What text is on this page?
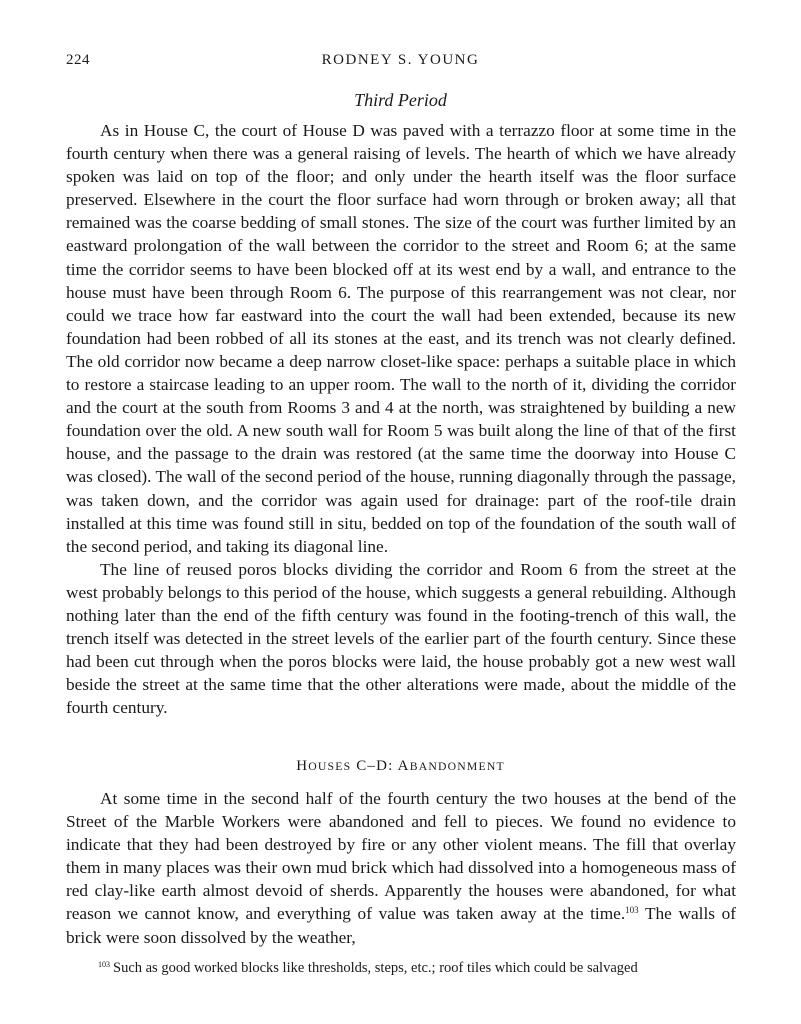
224	RODNEY S. YOUNG
Third Period

As in House C, the court of House D was paved with a terrazzo floor at some time in the fourth century when there was a general raising of levels. The hearth of which we have already spoken was laid on top of the floor; and only under the hearth itself was the floor surface preserved. Elsewhere in the court the floor surface had worn through or broken away; all that remained was the coarse bedding of small stones. The size of the court was further limited by an eastward prolongation of the wall between the corridor to the street and Room 6; at the same time the corridor seems to have been blocked off at its west end by a wall, and entrance to the house must have been through Room 6. The purpose of this rearrangement was not clear, nor could we trace how far eastward into the court the wall had been extended, because its new foundation had been robbed of all its stones at the east, and its trench was not clearly defined. The old corridor now became a deep narrow closet-like space: perhaps a suitable place in which to restore a staircase leading to an upper room. The wall to the north of it, dividing the corridor and the court at the south from Rooms 3 and 4 at the north, was straightened by building a new foundation over the old. A new south wall for Room 5 was built along the line of that of the first house, and the passage to the drain was restored (at the same time the doorway into House C was closed). The wall of the second period of the house, running diagonally through the passage, was taken down, and the corridor was again used for drainage: part of the roof-tile drain installed at this time was found still in situ, bedded on top of the foundation of the south wall of the second period, and taking its diagonal line.

The line of reused poros blocks dividing the corridor and Room 6 from the street at the west probably belongs to this period of the house, which suggests a general rebuilding. Although nothing later than the end of the fifth century was found in the footing-trench of this wall, the trench itself was detected in the street levels of the earlier part of the fourth century. Since these had been cut through when the poros blocks were laid, the house probably got a new west wall beside the street at the same time that the other alterations were made, about the middle of the fourth century.

HOUSES C–D: ABANDONMENT

At some time in the second half of the fourth century the two houses at the bend of the Street of the Marble Workers were abandoned and fell to pieces. We found no evidence to indicate that they had been destroyed by fire or any other violent means. The fill that overlay them in many places was their own mud brick which had dissolved into a homogeneous mass of red clay-like earth almost devoid of sherds. Apparently the houses were abandoned, for what reason we cannot know, and everything of value was taken away at the time.$^{103}$ The walls of brick were soon dissolved by the weather,

$^{103}$ Such as good worked blocks like thresholds, steps, etc.; roof tiles which could be salvaged
